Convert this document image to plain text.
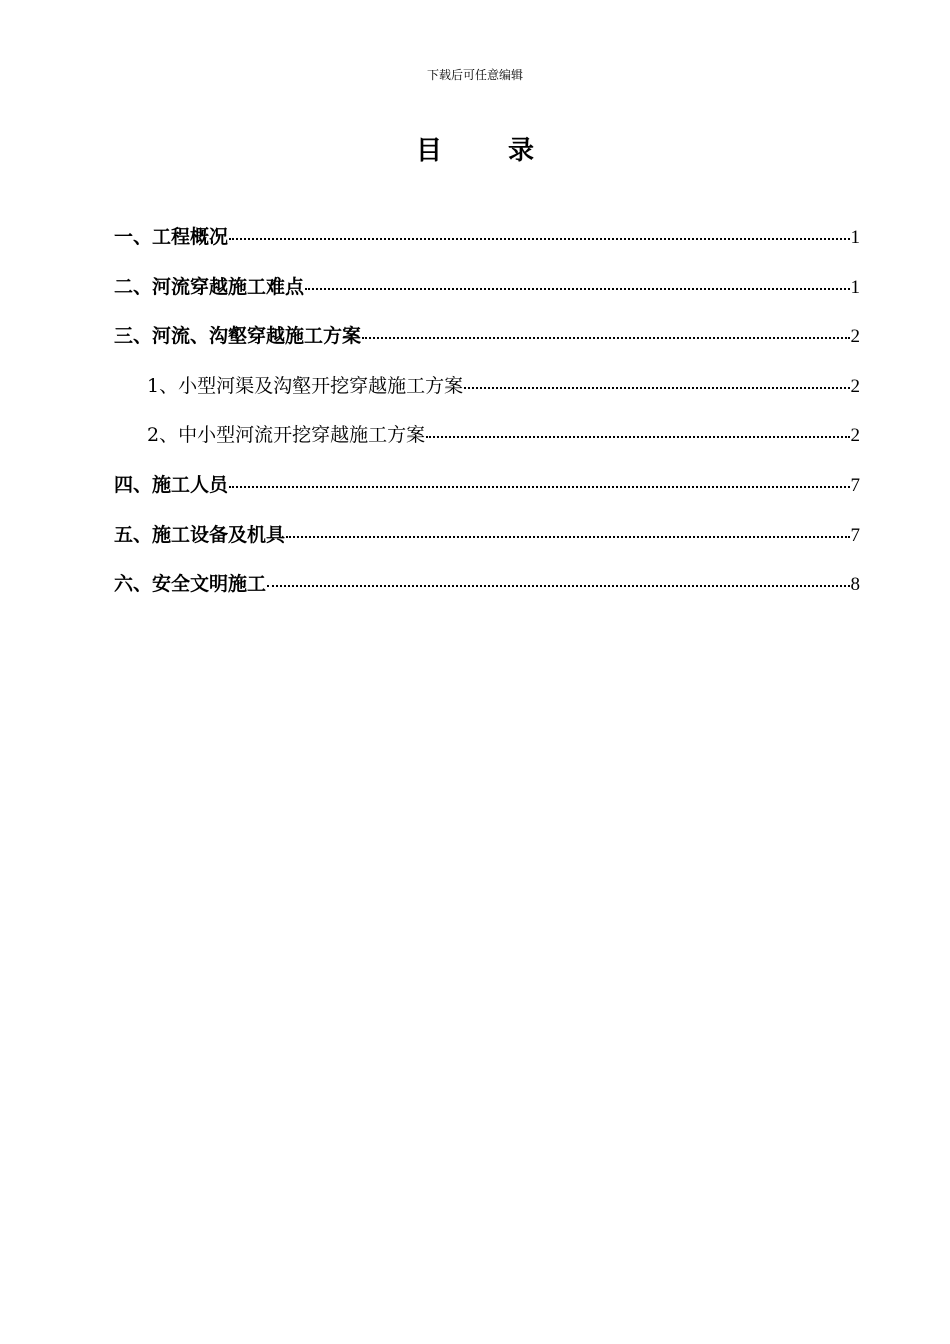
下载后可任意编辑
目	录
一、工程概况	1
二、河流穿越施工难点	1
三、河流、沟壑穿越施工方案	2
1、小型河渠及沟壑开挖穿越施工方案	2
2、中小型河流开挖穿越施工方案	2
四、施工人员	7
五、施工设备及机具	7
六、安全文明施工	8
